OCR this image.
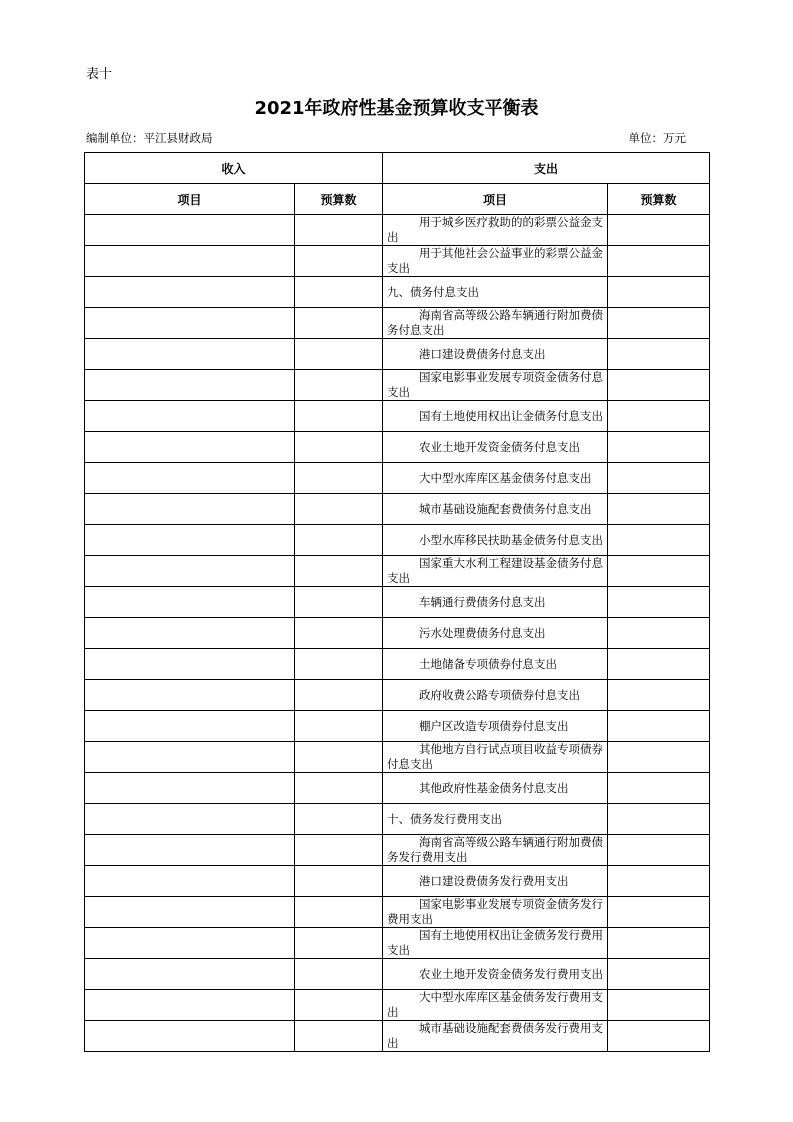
表十
2021年政府性基金预算收支平衡表
编制单位：平江县财政局	单位：万元
收入		支出	
项目	预算数	项目	预算数
		用于城乡医疗救助的的彩票公益金支出	
		用于其他社会公益事业的彩票公益金支出	
		九、债务付息支出	
		海南省高等级公路车辆通行附加费债务付息支出	
		港口建设费债务付息支出	
		国家电影事业发展专项资金债务付息支出	
		国有土地使用权出让金债务付息支出	
		农业土地开发资金债务付息支出	
		大中型水库库区基金债务付息支出	
		城市基础设施配套费债务付息支出	
		小型水库移民扶助基金债务付息支出	
		国家重大水利工程建设基金债务付息支出	
		车辆通行费债务付息支出	
		污水处理费债务付息支出	
		土地储备专项债券付息支出	
		政府收费公路专项债券付息支出	
		棚户区改造专项债券付息支出	
		其他地方自行试点项目收益专项债券付息支出	
		其他政府性基金债务付息支出	
		十、债务发行费用支出	
		海南省高等级公路车辆通行附加费债务发行费用支出	
		港口建设费债务发行费用支出	
		国家电影事业发展专项资金债务发行费用支出	
		国有土地使用权出让金债务发行费用支出	
		农业土地开发资金债务发行费用支出	
		大中型水库库区基金债务发行费用支出	
		城市基础设施配套费债务发行费用支出	
